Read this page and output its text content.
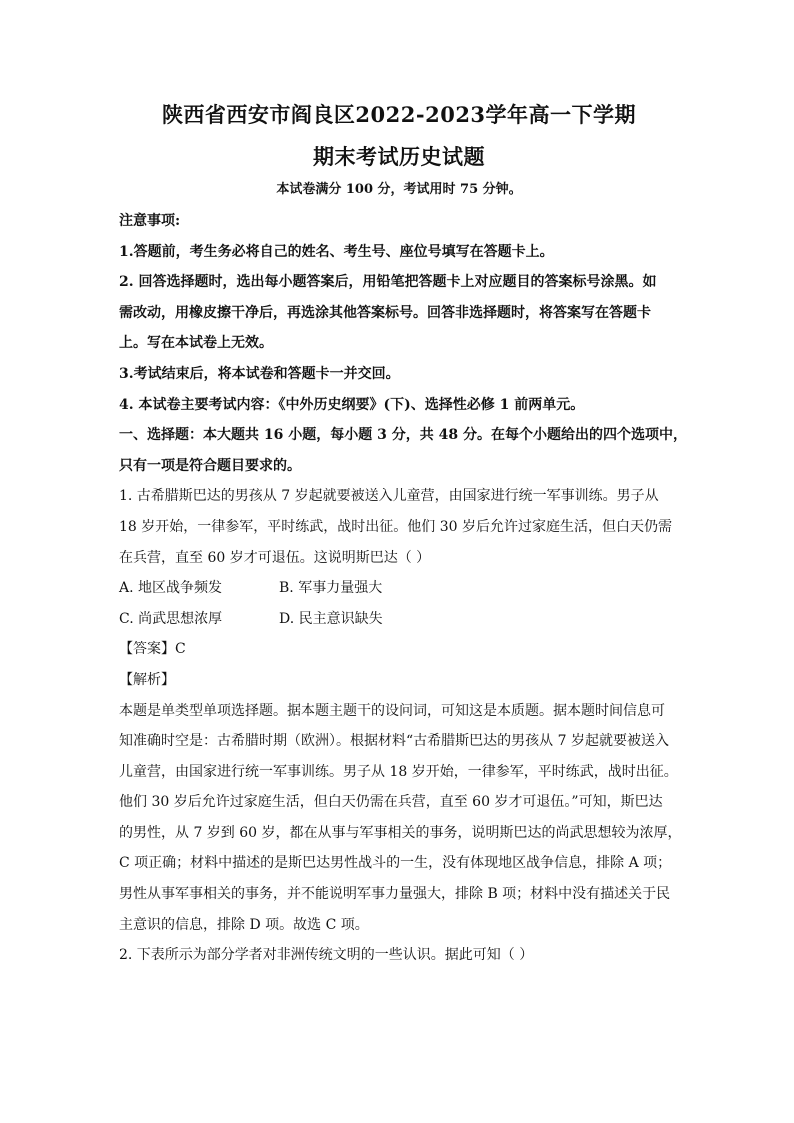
陕西省西安市阎良区2022-2023学年高一下学期
期末考试历史试题
本试卷满分 100 分，考试用时 75 分钟。

注意事项:

1.答题前，考生务必将自己的姓名、考生号、座位号填写在答题卡上。

2. 回答选择题时，选出每小题答案后，用铅笔把答题卡上对应题目的答案标号涂黑。如

需改动，用橡皮擦干净后，再选涂其他答案标号。回答非选择题时，将答案写在答题卡

上。写在本试卷上无效。

3.考试结束后，将本试卷和答题卡一并交回。

4. 本试卷主要考试内容：《中外历史纲要》(下)、选择性必修 1 前两单元。

一、选择题：本大题共 16 小题，每小题 3 分，共 48 分。在每个小题给出的四个选项中，

只有一项是符合题目要求的。

1. 古希腊斯巴达的男孩从 7 岁起就要被送入儿童营，由国家进行统一军事训练。男子从

18 岁开始，一律参军，平时练武，战时出征。他们 30 岁后允许过家庭生活，但白天仍需

在兵营，直至 60 岁才可退伍。这说明斯巴达（ ）

A. 地区战争频发	B. 军事力量强大
C. 尚武思想浓厚	D. 民主意识缺失

【答案】C

【解析】

本题是单类型单项选择题。据本题主题干的设问词，可知这是本质题。据本题时间信息可

知准确时空是：古希腊时期（欧洲）。根据材料“古希腊斯巴达的男孩从 7 岁起就要被送入

儿童营，由国家进行统一军事训练。男子从 18 岁开始，一律参军，平时练武，战时出征。

他们 30 岁后允许过家庭生活，但白天仍需在兵营，直至 60 岁才可退伍。”可知，斯巴达

的男性，从 7 岁到 60 岁，都在从事与军事相关的事务，说明斯巴达的尚武思想较为浓厚，

C 项正确；材料中描述的是斯巴达男性战斗的一生，没有体现地区战争信息，排除 A 项；

男性从事军事相关的事务，并不能说明军事力量强大，排除 B 项；材料中没有描述关于民

主意识的信息，排除 D 项。故选 C 项。

2. 下表所示为部分学者对非洲传统文明的一些认识。据此可知（ ）
